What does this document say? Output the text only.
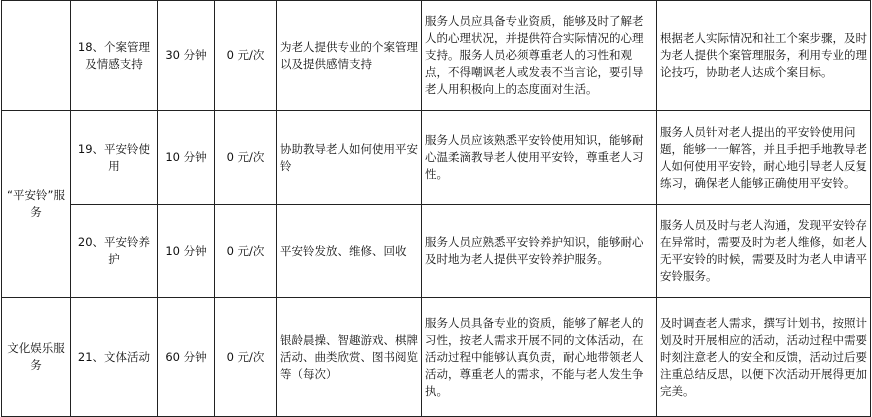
	18、个案管理及情感支持	30 分钟	0 元/次	为老人提供专业的个案管理以及提供感情支持	服务人员应具备专业资质，能够及时了解老人的心理状况，并提供符合实际情况的心理支持。服务人员必须尊重老人的习性和观点，不得嘲讽老人或发表不当言论，要引导老人用积极向上的态度面对生活。	根据老人实际情况和社工个案步骤，及时为老人提供个案管理服务，利用专业的理论技巧，协助老人达成个案目标。
“平安铃”服务	19、平安铃使用	10 分钟	0 元/次	协助教导老人如何使用平安铃	服务人员应该熟悉平安铃使用知识，能够耐心温柔滴教导老人使用平安铃，尊重老人习性。	服务人员针对老人提出的平安铃使用问题，能够一一解答，并且手把手地教导老人如何使用平安铃，耐心地引导老人反复练习，确保老人能够正确使用平安铃。
	20、平安铃养护	10 分钟	0 元/次	平安铃发放、维修、回收	服务人员应熟悉平安铃养护知识，能够耐心及时地为老人提供平安铃养护服务。	服务人员及时与老人沟通，发现平安铃存在异常时，需要及时为老人维修，如老人无平安铃的时候，需要及时为老人申请平安铃服务。
文化娱乐服务	21、文体活动	60 分钟	0 元/次	银龄晨操、智趣游戏、棋牌活动、曲类欣赏、图书阅览等（每次）	服务人员具备专业的资质，能够了解老人的习性，按老人需求开展不同的文体活动，在活动过程中能够认真负责，耐心地带领老人活动，尊重老人的需求，不能与老人发生争执。	及时调查老人需求，撰写计划书，按照计划及时开展相应的活动，活动过程中需要时刻注意老人的安全和反馈，活动过后要注重总结反思，以便下次活动开展得更加完美。
